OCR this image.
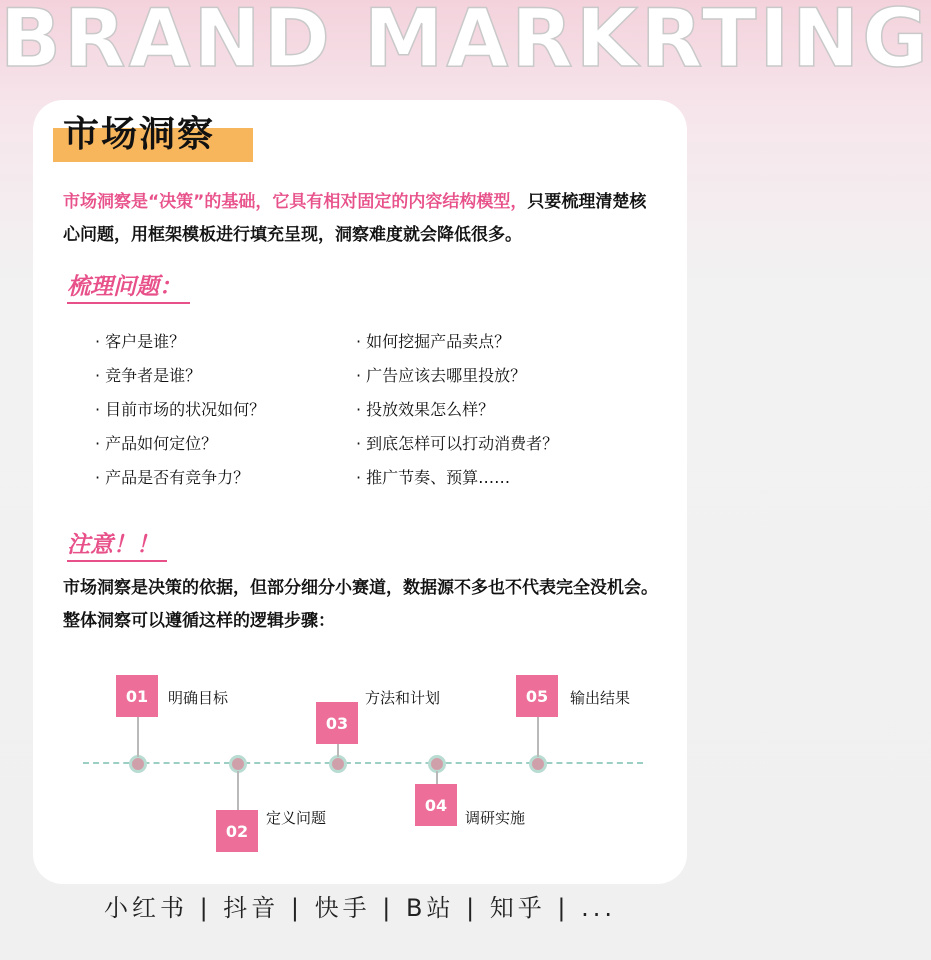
BRAND MARKRTING
市场洞察
市场洞察是“决策”的基础，它具有相对固定的内容结构模型，只要梳理清楚核心问题，用框架模板进行填充呈现，洞察难度就会降低很多。
梳理问题：
· 客户是谁？
· 竞争者是谁？
· 目前市场的状况如何？
· 产品如何定位？
· 产品是否有竞争力？
· 如何挖掘产品卖点？
· 广告应该去哪里投放？
· 投放效果怎么样？
· 到底怎样可以打动消费者？
· 推广节奏、预算……
注意！！
市场洞察是决策的依据，但部分细分小赛道，数据源不多也不代表完全没机会。整体洞察可以遵循这样的逻辑步骤：
01	明确目标
02
定义问题
03
方法和计划
04
调研实施
05	输出结果
小红书 | 抖音 | 快手 | B站 | 知乎 | ...
